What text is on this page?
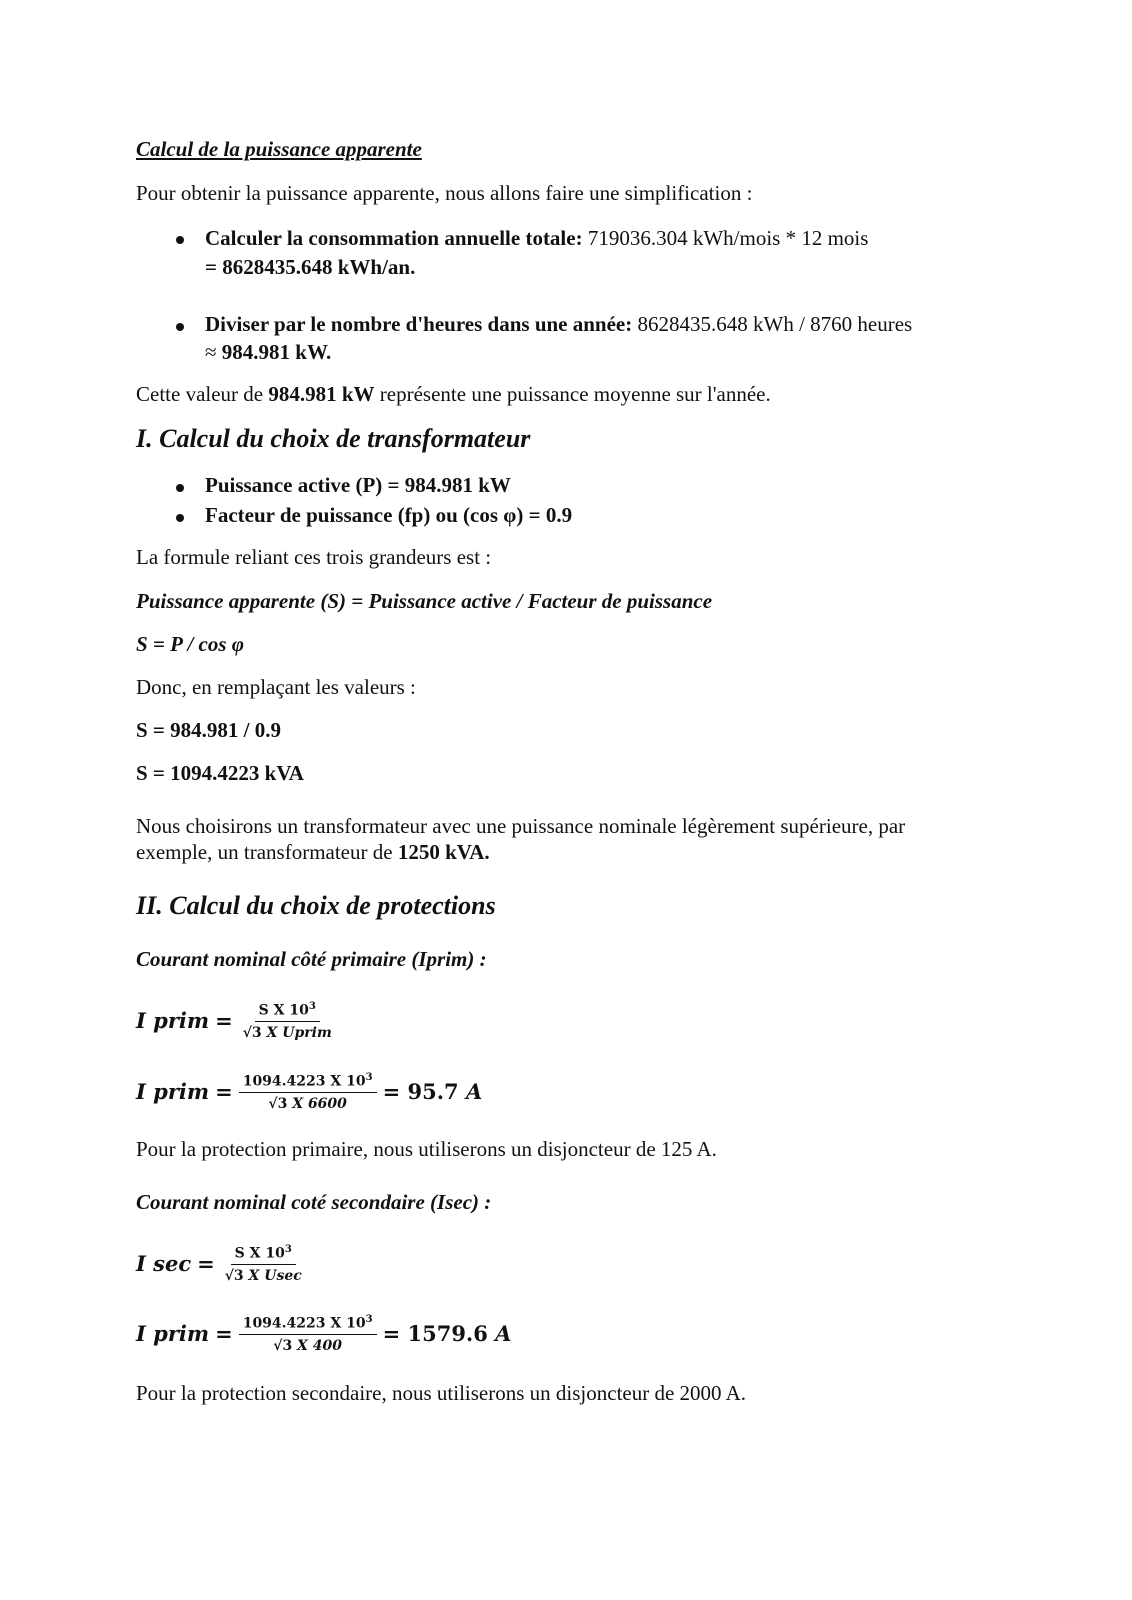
Calcul de la puissance apparente
Pour obtenir la puissance apparente, nous allons faire une simplification :
Calculer la consommation annuelle totale: 719036.304 kWh/mois * 12 mois
= 8628435.648 kWh/an.
Diviser par le nombre d'heures dans une année: 8628435.648 kWh / 8760 heures
≈ 984.981 kW.
Cette valeur de 984.981 kW représente une puissance moyenne sur l'année.
I. Calcul du choix de transformateur
Puissance active (P) = 984.981 kW
Facteur de puissance (fp) ou (cos φ) = 0.9
La formule reliant ces trois grandeurs est :
Puissance apparente (S) = Puissance active / Facteur de puissance
S = P / cos φ
Donc, en remplaçant les valeurs :
S = 984.981 / 0.9
S = 1094.4223 kVA
Nous choisirons un transformateur avec une puissance nominale légèrement supérieure, par
exemple, un transformateur de 1250 kVA.
II. Calcul du choix de protections
Courant nominal côté primaire (Iprim) :
I prim = $\frac{S X 10^3}{\text{√3 X Uprim}}$
I prim = $\frac{1094.4223 X 10^3}{√3 X 6600} = 95.7$ A
Pour la protection primaire, nous utiliserons un disjoncteur de 125 A.
Courant nominal coté secondaire (Isec) :
I $\sec = \frac{S X 10^3}{\text{√3 X Usec}}$
I prim = $\frac{1094.4223 X 10^3}{√3 X 400} = 1579.6$ A
Pour la protection secondaire, nous utiliserons un disjoncteur de 2000 A.
